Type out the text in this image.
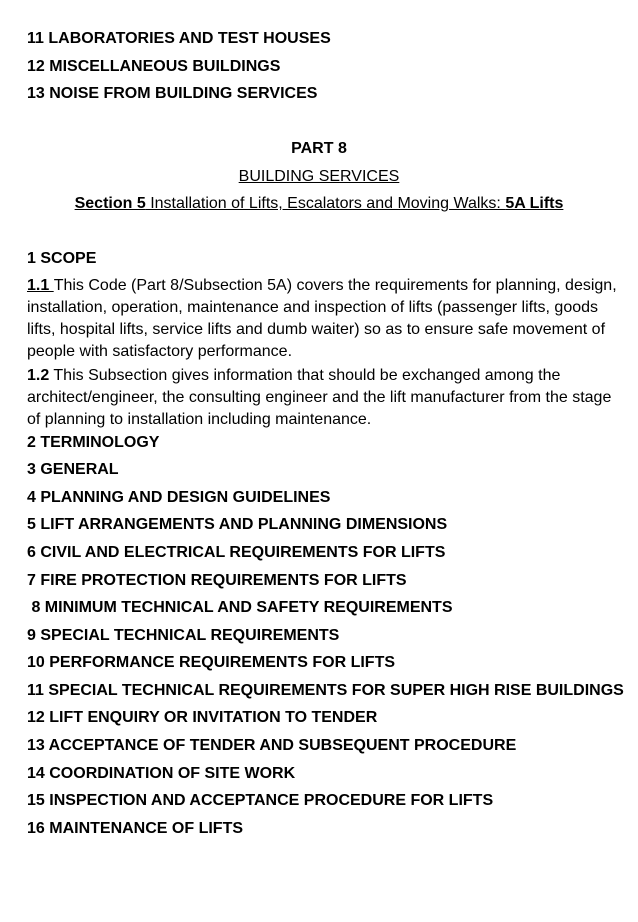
11 LABORATORIES AND TEST HOUSES
12 MISCELLANEOUS BUILDINGS
13 NOISE FROM BUILDING SERVICES
PART 8
BUILDING SERVICES
Section 5 Installation of Lifts, Escalators and Moving Walks: 5A Lifts
1 SCOPE
1.1 This Code (Part 8/Subsection 5A) covers the requirements for planning, design, installation, operation, maintenance and inspection of lifts (passenger lifts, goods lifts, hospital lifts, service lifts and dumb waiter) so as to ensure safe movement of people with satisfactory performance.
1.2 This Subsection gives information that should be exchanged among the architect/engineer, the consulting engineer and the lift manufacturer from the stage of planning to installation including maintenance.
2 TERMINOLOGY
3 GENERAL
4 PLANNING AND DESIGN GUIDELINES
5 LIFT ARRANGEMENTS AND PLANNING DIMENSIONS
6 CIVIL AND ELECTRICAL REQUIREMENTS FOR LIFTS
7 FIRE PROTECTION REQUIREMENTS FOR LIFTS
8 MINIMUM TECHNICAL AND SAFETY REQUIREMENTS
9 SPECIAL TECHNICAL REQUIREMENTS
10 PERFORMANCE REQUIREMENTS FOR LIFTS
11 SPECIAL TECHNICAL REQUIREMENTS FOR SUPER HIGH RISE BUILDINGS
12 LIFT ENQUIRY OR INVITATION TO TENDER
13 ACCEPTANCE OF TENDER AND SUBSEQUENT PROCEDURE
14 COORDINATION OF SITE WORK
15 INSPECTION AND ACCEPTANCE PROCEDURE FOR LIFTS
16 MAINTENANCE OF LIFTS
